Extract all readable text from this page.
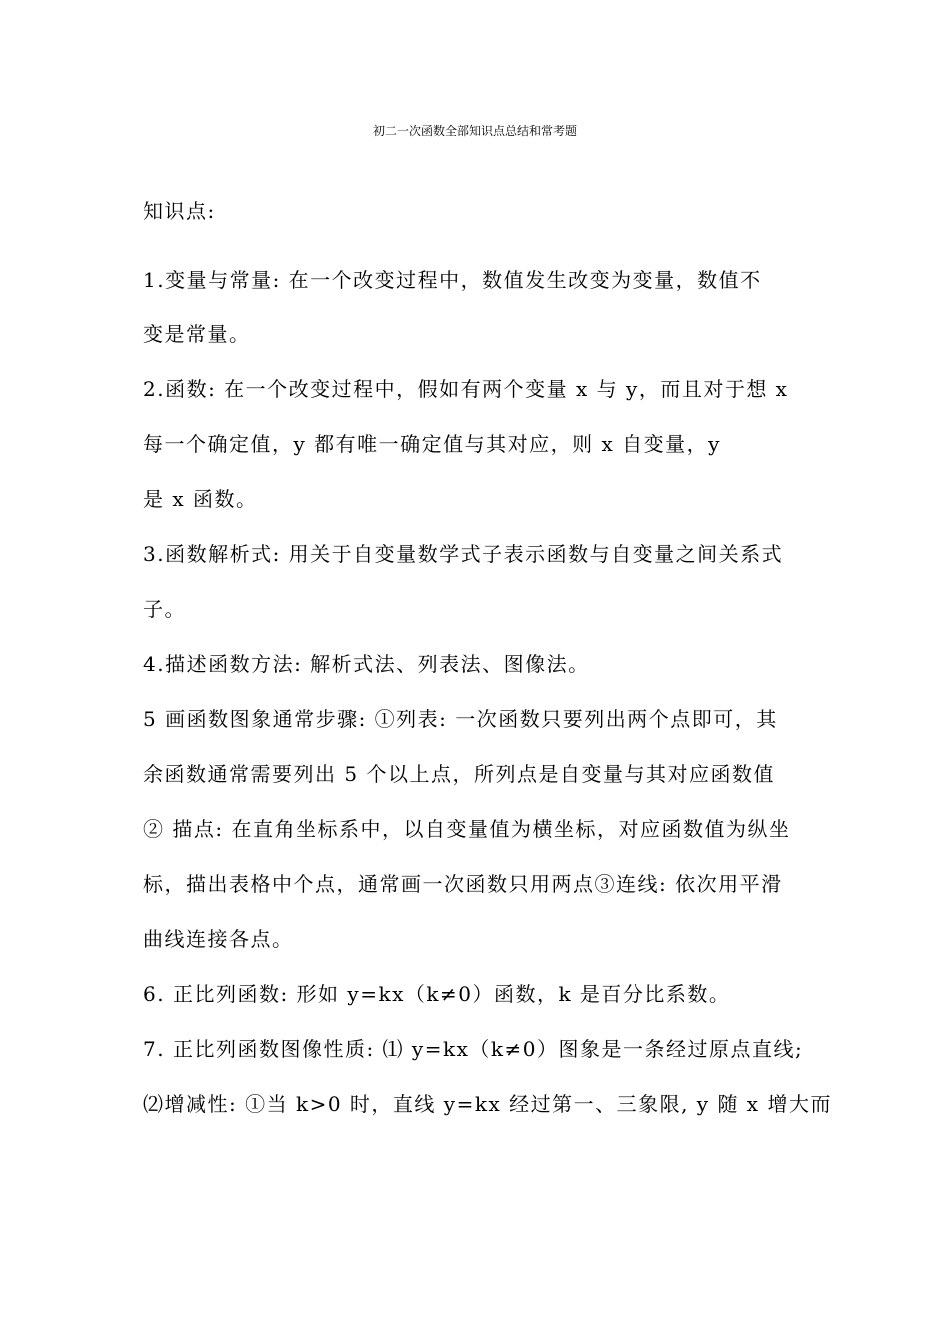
初二一次函数全部知识点总结和常考题
知识点:
1.变量与常量: 在一个改变过程中，数值发生改变为变量，数值不
变是常量。
2.函数: 在一个改变过程中，假如有两个变量 x 与 y，而且对于想 x
每一个确定值，y 都有唯一确定值与其对应，则 x 自变量，y
是 x 函数。
3.函数解析式: 用关于自变量数学式子表示函数与自变量之间关系式
子。
4.描述函数方法: 解析式法、列表法、图像法。
5 画函数图象通常步骤: ①列表: 一次函数只要列出两个点即可，其
余函数通常需要列出 5 个以上点，所列点是自变量与其对应函数值
② 描点: 在直角坐标系中，以自变量值为横坐标，对应函数值为纵坐
标，描出表格中个点，通常画一次函数只用两点③连线: 依次用平滑
曲线连接各点。
6. 正比列函数: 形如 y=kx（k≠0）函数，k 是百分比系数。
7. 正比列函数图像性质: ⑴ y=kx（k≠0）图象是一条经过原点直线;
⑵增减性: ①当 k>0 时，直线 y=kx 经过第一、三象限, y 随 x 增大而
